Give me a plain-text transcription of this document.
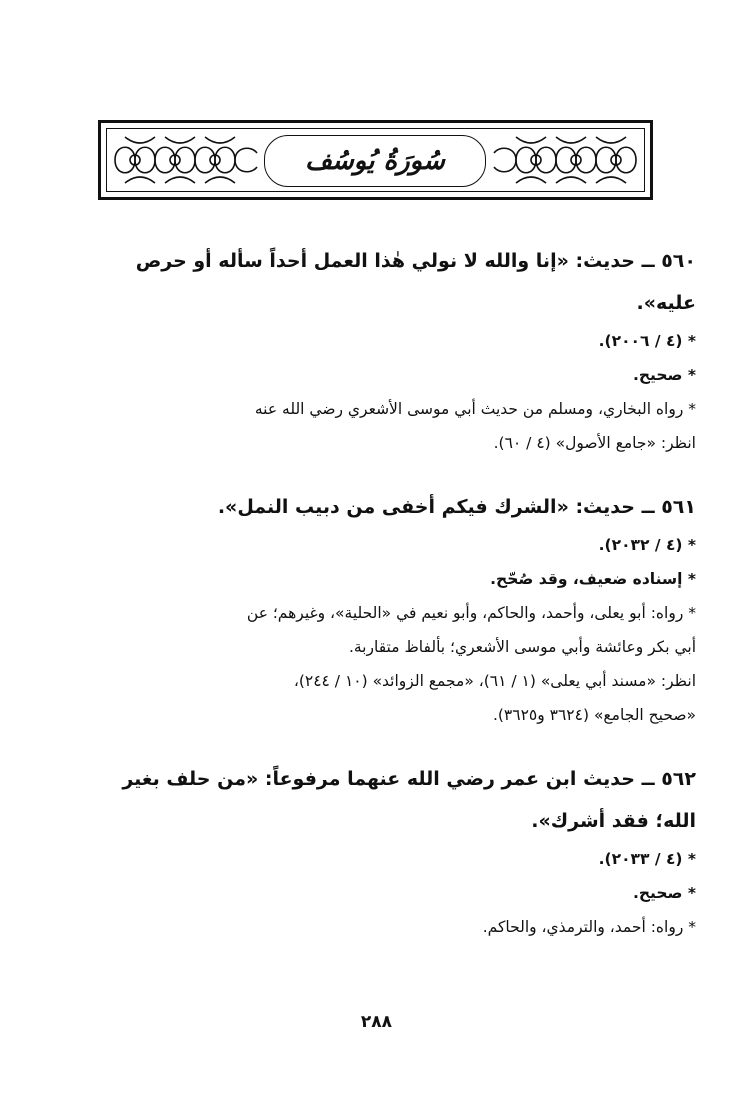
سُورَةُ يُوسُف
٥٦٠ ــ حديث: «إنا والله لا نولي هٰذا العمل أحداً سأله أو حرص عليه».
* (٤ / ٢٠٠٦).
* صحيح.
* رواه البخاري، ومسلم من حديث أبي موسى الأشعري رضي الله عنه
انظر: «جامع الأصول» (٤ / ٦٠).
٥٦١ ــ حديث: «الشرك فيكم أخفى من دبيب النمل».
* (٤ / ٢٠٣٢).
* إسناده ضعيف، وقد صُحّح.
* رواه: أبو يعلى، وأحمد، والحاكم، وأبو نعيم في «الحلية»، وغيرهم؛ عن
أبي بكر وعائشة وأبي موسى الأشعري؛ بألفاظ متقاربة.
انظر: «مسند أبي يعلى» (١ / ٦١)، «مجمع الزوائد» (١٠ / ٢٤٤)،
«صحيح الجامع» (٣٦٢٤ و٣٦٢٥).
٥٦٢ ــ حديث ابن عمر رضي الله عنهما مرفوعاً: «من حلف بغير الله؛ فقد أشرك».
* (٤ / ٢٠٣٣).
* صحيح.
* رواه: أحمد، والترمذي، والحاكم.
٢٨٨
